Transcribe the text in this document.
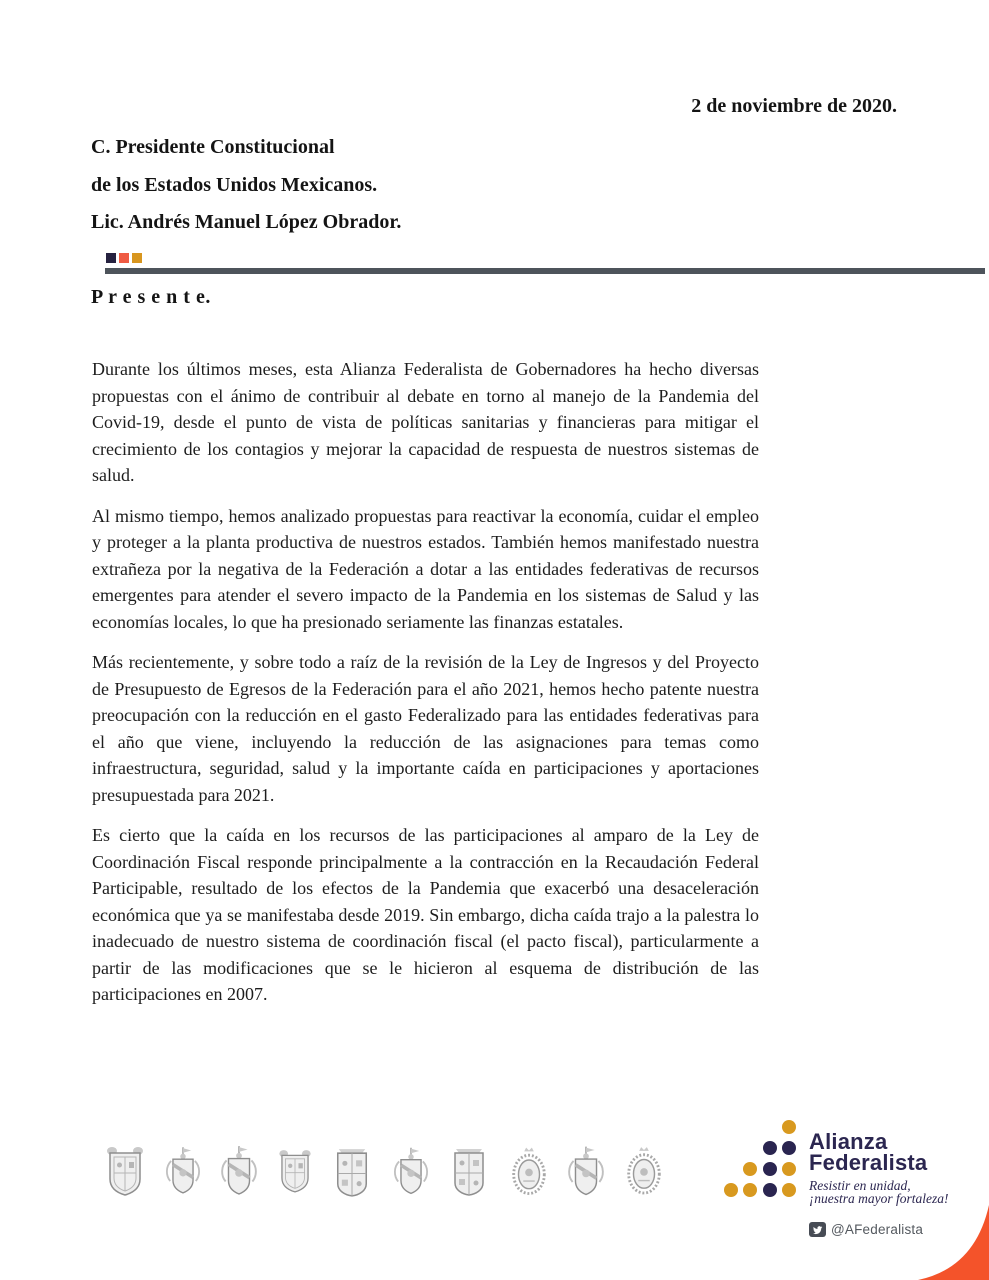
2 de noviembre de 2020.
C. Presidente Constitucional
de los Estados Unidos Mexicanos.
Lic. Andrés Manuel López Obrador.
P r e s e n t e.

Durante los últimos meses, esta Alianza Federalista de Gobernadores ha hecho diversas propuestas con el ánimo de contribuir al debate en torno al manejo de la Pandemia del Covid-19, desde el punto de vista de políticas sanitarias y financieras para mitigar el crecimiento de los contagios y mejorar la capacidad de respuesta de nuestros sistemas de salud.

Al mismo tiempo, hemos analizado propuestas para reactivar la economía, cuidar el empleo y proteger a la planta productiva de nuestros estados. También hemos manifestado nuestra extrañeza por la negativa de la Federación a dotar a las entidades federativas de recursos emergentes para atender el severo impacto de la Pandemia en los sistemas de Salud y las economías locales, lo que ha presionado seriamente las finanzas estatales.

Más recientemente, y sobre todo a raíz de la revisión de la Ley de Ingresos y del Proyecto de Presupuesto de Egresos de la Federación para el año 2021, hemos hecho patente nuestra preocupación con la reducción en el gasto Federalizado para las entidades federativas para el año que viene, incluyendo la reducción de las asignaciones para temas como infraestructura, seguridad, salud y la importante caída en participaciones y aportaciones presupuestada para 2021.

Es cierto que la caída en los recursos de las participaciones al amparo de la Ley de Coordinación Fiscal responde principalmente a la contracción en la Recaudación Federal Participable, resultado de los efectos de la Pandemia que exacerbó una desaceleración económica que ya se manifestaba desde 2019. Sin embargo, dicha caída trajo a la palestra lo inadecuado de nuestro sistema de coordinación fiscal (el pacto fiscal), particularmente a partir de las modificaciones que se le hicieron al esquema de distribución de las participaciones en 2007.

Alianza
Federalista
Resistir en unidad,
¡nuestra mayor fortaleza!
@AFederalista
